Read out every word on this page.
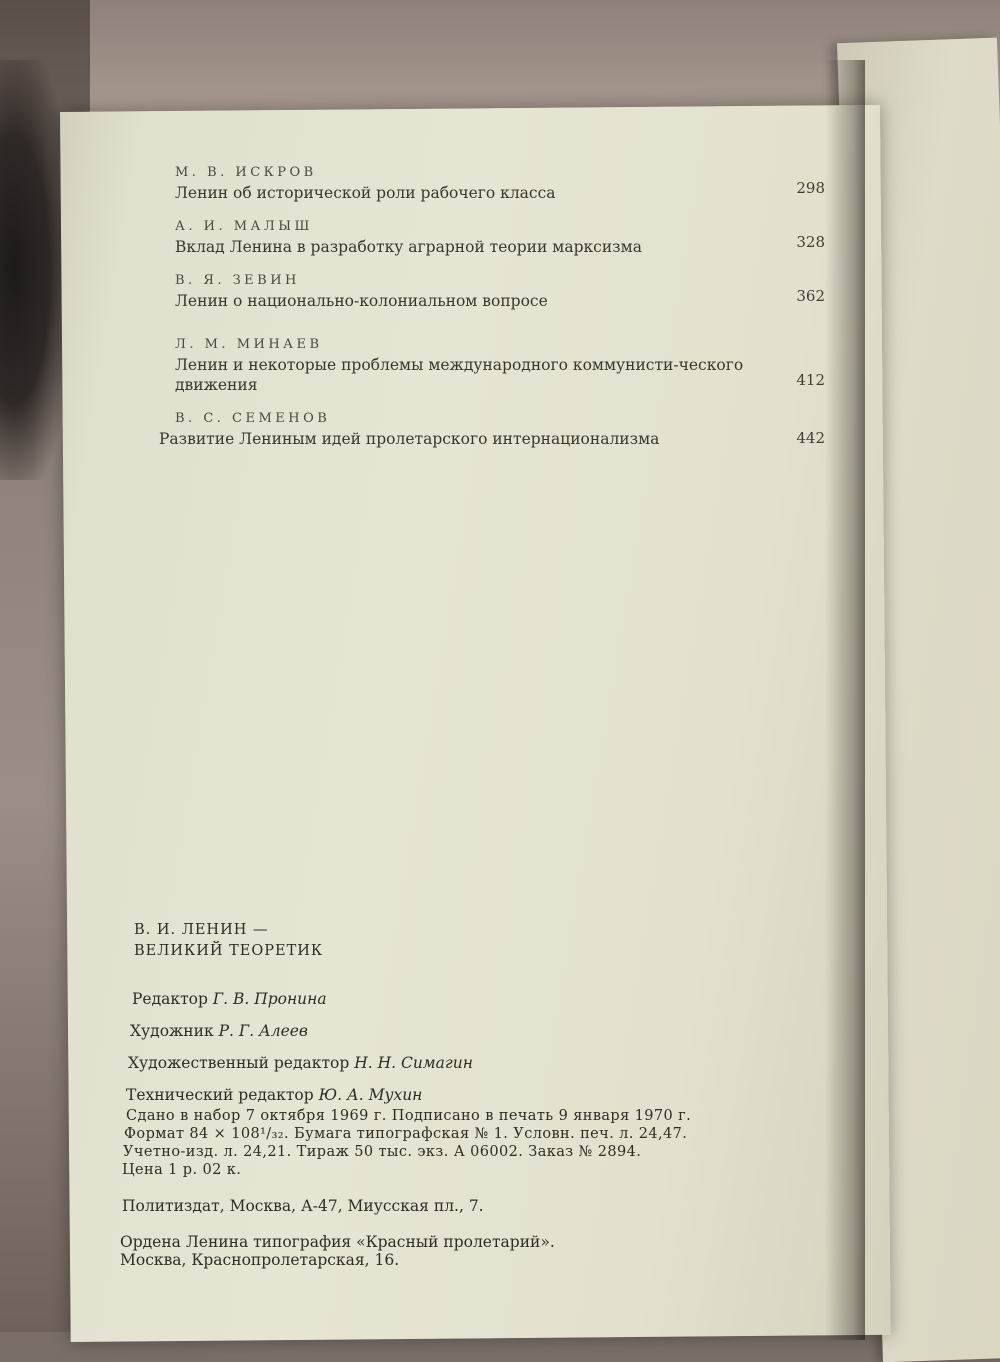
М. В. ИСКРОВ
Ленин об исторической роли рабочего класса	298
А. И. МАЛЫШ
Вклад Ленина в разработку аграрной теории марксизма	328
В. Я. ЗЕВИН
Ленин о национально-колониальном вопросе	362
Л. М. МИНАЕВ
Ленин и некоторые проблемы международного коммунисти-ческого движения	412
В. С. СЕМЕНОВ
Развитие Лениным идей пролетарского интернационализма	442
В. И. ЛЕНИН —
ВЕЛИКИЙ ТЕОРЕТИК
Редактор Г. В. Пронина
Художник Р. Г. Алеев
Художественный редактор Н. Н. Симагин
Технический редактор Ю. А. Мухин
Сдано в набор 7 октября 1969 г. Подписано в печать 9 января 1970 г.
Формат 84 × 108¹/₃₂. Бумага типографская № 1. Условн. печ. л. 24,47.
Учетно-изд. л. 24,21. Тираж 50 тыс. экз. А 06002. Заказ № 2894.
Цена 1 р. 02 к.
Политиздат, Москва, А-47, Миусская пл., 7.
Ордена Ленина типография «Красный пролетарий».
Москва, Краснопролетарская, 16.
